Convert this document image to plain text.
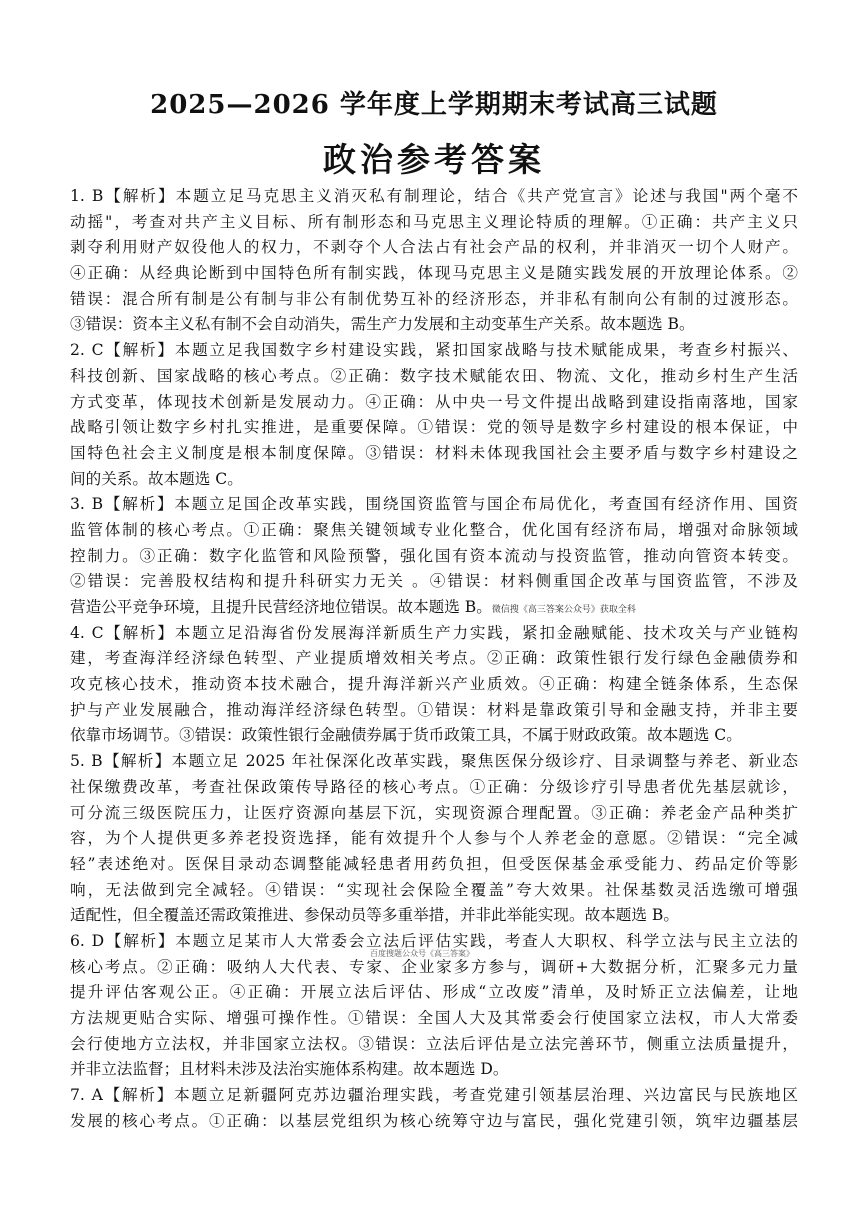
2025—2026 学年度上学期期末考试高三试题
政治参考答案
1. B【解析】本题立足马克思主义消灭私有制理论，结合《共产党宣言》论述与我国"两个毫不
动摇"，考查对共产主义目标、所有制形态和马克思主义理论特质的理解。①正确：共产主义只
剥夺利用财产奴役他人的权力，不剥夺个人合法占有社会产品的权利，并非消灭一切个人财产。
④正确：从经典论断到中国特色所有制实践，体现马克思主义是随实践发展的开放理论体系。②
错误：混合所有制是公有制与非公有制优势互补的经济形态，并非私有制向公有制的过渡形态。
③错误：资本主义私有制不会自动消失，需生产力发展和主动变革生产关系。故本题选 B。
2. C【解析】本题立足我国数字乡村建设实践，紧扣国家战略与技术赋能成果，考查乡村振兴、
科技创新、国家战略的核心考点。②正确：数字技术赋能农田、物流、文化，推动乡村生产生活
方式变革，体现技术创新是发展动力。④正确：从中央一号文件提出战略到建设指南落地，国家
战略引领让数字乡村扎实推进，是重要保障。①错误：党的领导是数字乡村建设的根本保证，中
国特色社会主义制度是根本制度保障。③错误：材料未体现我国社会主要矛盾与数字乡村建设之
间的关系。故本题选 C。
3. B【解析】本题立足国企改革实践，围绕国资监管与国企布局优化，考查国有经济作用、国资
监管体制的核心考点。①正确：聚焦关键领域专业化整合，优化国有经济布局，增强对命脉领域
控制力。③正确：数字化监管和风险预警，强化国有资本流动与投资监管，推动向管资本转变。
②错误：完善股权结构和提升科研实力无关 。④错误：材料侧重国企改革与国资监管，不涉及
营造公平竞争环境，且提升民营经济地位错误。故本题选 B。微信搜《高三答案公众号》获取全科
4. C【解析】本题立足沿海省份发展海洋新质生产力实践，紧扣金融赋能、技术攻关与产业链构
建，考查海洋经济绿色转型、产业提质增效相关考点。②正确：政策性银行发行绿色金融债券和
攻克核心技术，推动资本技术融合，提升海洋新兴产业质效。④正确：构建全链条体系，生态保
护与产业发展融合，推动海洋经济绿色转型。①错误：材料是靠政策引导和金融支持，并非主要
依靠市场调节。③错误：政策性银行金融债券属于货币政策工具，不属于财政政策。故本题选 C。
5. B【解析】本题立足 2025 年社保深化改革实践，聚焦医保分级诊疗、目录调整与养老、新业态
社保缴费改革，考查社保政策传导路径的核心考点。①正确：分级诊疗引导患者优先基层就诊，
可分流三级医院压力，让医疗资源向基层下沉，实现资源合理配置。③正确：养老金产品种类扩
容，为个人提供更多养老投资选择，能有效提升个人参与个人养老金的意愿。②错误：“完全减
轻”表述绝对。医保目录动态调整能减轻患者用药负担，但受医保基金承受能力、药品定价等影
响，无法做到完全减轻。④错误：“实现社会保险全覆盖”夸大效果。社保基数灵活选缴可增强
适配性，但全覆盖还需政策推进、参保动员等多重举措，并非此举能实现。故本题选 B。
6. D【解析】本题立足某市人大常委会立法后评估实践，考查人大职权、科学立法与民主立法的
核心考点。②正确：吸纳人大代表、专家、企业家多方参与，调研+大数据分析，汇聚多元力量
提升评估客观公正。④正确：开展立法后评估、形成“立改废”清单，及时矫正立法偏差，让地
方法规更贴合实际、增强可操作性。①错误：全国人大及其常委会行使国家立法权，市人大常委
会行使地方立法权，并非国家立法权。③错误：立法后评估是立法完善环节，侧重立法质量提升，
并非立法监督；且材料未涉及法治实施体系构建。故本题选 D。
7. A【解析】本题立足新疆阿克苏边疆治理实践，考查党建引领基层治理、兴边富民与民族地区
发展的核心考点。①正确：以基层党组织为核心统筹守边与富民，强化党建引领，筑牢边疆基层
百度搜题公众号《高三答案》
